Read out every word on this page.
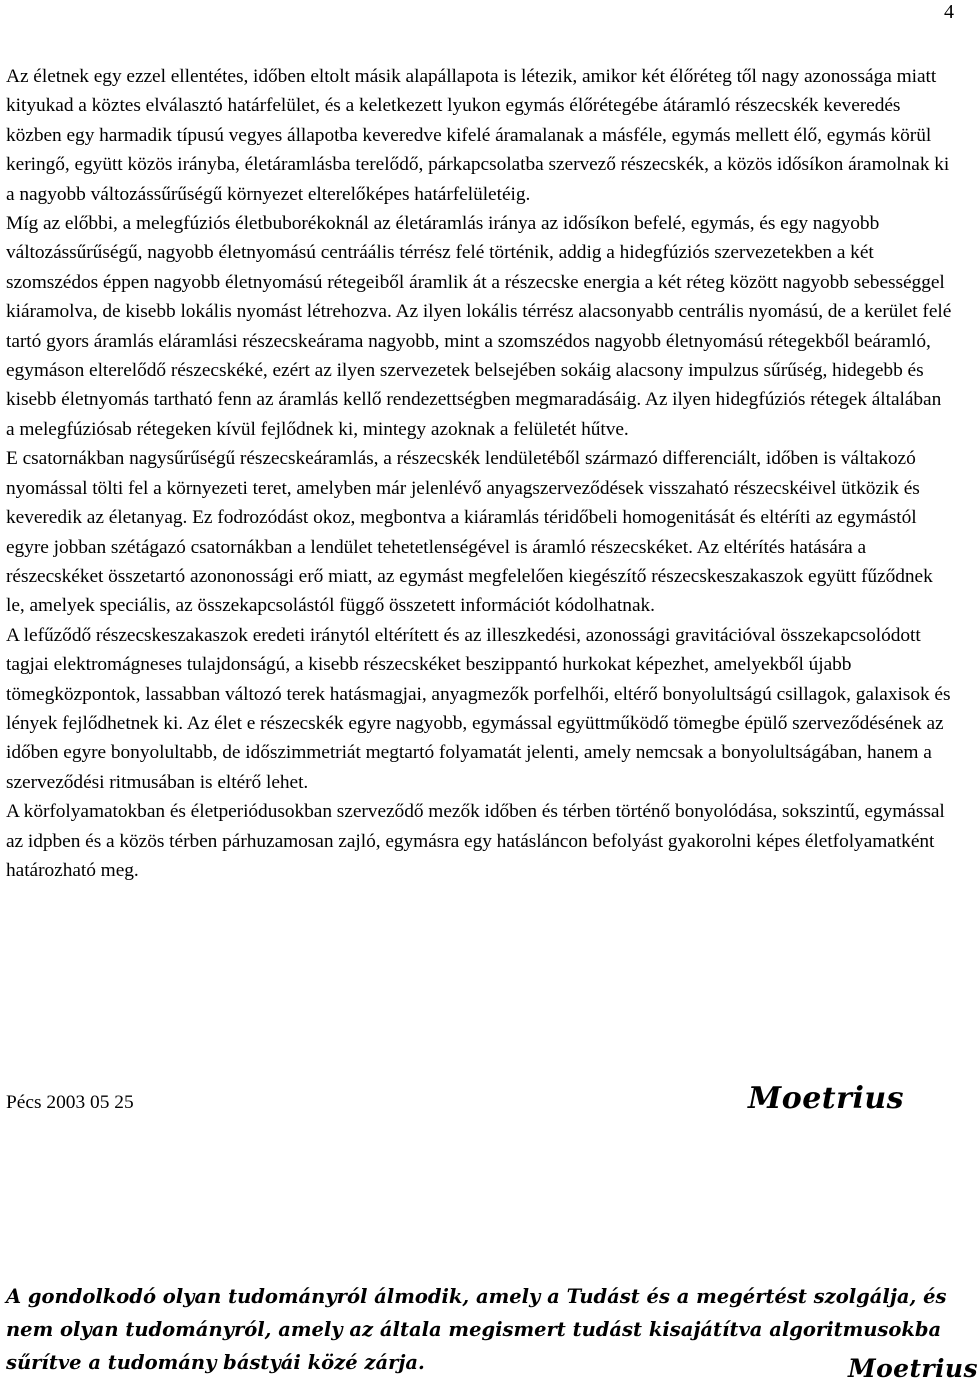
4

Az életnek egy ezzel ellentétes, időben eltolt másik alapállapota is létezik, amikor két élőréteg től nagy azonossága miatt kityukad a köztes elválasztó határfelület, és a keletkezett lyukon egymás élőrétegébe átáramló részecskék keveredés közben egy harmadik típusú vegyes állapotba keveredve kifelé áramalanak a másféle, egymás mellett élő, egymás körül keringő, együtt közös irányba, életáramlásba terelődő, párkapcsolatba szervező részecskék, a közös idősíkon áramolnak ki a nagyobb változássűrűségű környezet elterelőképes határfelületéig.

Míg az előbbi, a melegfúziós életbuborékoknál az életáramlás iránya az idősíkon befelé, egymás, és egy nagyobb változássűrűségű, nagyobb életnyomású centráális térrész felé történik, addig a hidegfúziós szervezetekben a két szomszédos éppen nagyobb életnyomású rétegeiből áramlik át a részecske energia a két réteg között nagyobb sebességgel kiáramolva, de kisebb lokális nyomást létrehozva. Az ilyen lokális térrész alacsonyabb centrális nyomású, de a kerület felé tartó gyors áramlás eláramlási részecskeárama nagyobb, mint a szomszédos nagyobb életnyomású rétegekből beáramló, egymáson elterelődő részecskéké, ezért az ilyen szervezetek belsejében sokáig alacsony impulzus sűrűség, hidegebb és kisebb életnyomás tartható fenn az áramlás kellő rendezettségben megmaradásáig. Az ilyen hidegfúziós rétegek általában a melegfúziósab rétegeken kívül fejlődnek ki, mintegy azoknak a felületét hűtve.

E csatornákban nagysűrűségű részecskeáramlás, a részecskék lendületéből származó differenciált, időben is váltakozó nyomással tölti fel a környezeti teret, amelyben már jelenlévő anyagszerveződések visszaható részecskéivel ütközik és keveredik az életanyag. Ez fodrozódást okoz, megbontva a kiáramlás téridőbeli homogenitását és eltéríti az egymástól egyre jobban szétágazó csatornákban a lendület tehetetlenségével is áramló részecskéket. Az eltérítés hatására a részecskéket összetartó azononossági erő miatt, az egymást megfelelően kiegészítő részecskeszakaszok együtt fűződnek le, amelyek speciális, az összekapcsolástól függő összetett információt kódolhatnak.

A lefűződő részecskeszakaszok eredeti iránytól eltérített és az illeszkedési, azonossági gravitációval összekapcsolódott tagjai elektromágneses tulajdonságú, a kisebb részecskéket beszippantó hurkokat képezhet, amelyekből újabb tömegközpontok, lassabban változó terek hatásmagjai, anyagmezők porfelhői, eltérő bonyolultságú csillagok, galaxisok és lények fejlődhetnek ki. Az élet e részecskék egyre nagyobb, egymással együttműködő tömegbe épülő szerveződésének az időben egyre bonyolultabb, de időszimmetriát megtartó folyamatát jelenti, amely nemcsak a bonyolultságában, hanem a szerveződési ritmusában is eltérő lehet.

A körfolyamatokban és életperiódusokban szerveződő mezők időben és térben történő bonyolódása, sokszintű, egymással az idpben és a közös térben párhuzamosan zajló, egymásra egy hatásláncon befolyást gyakorolni képes életfolyamatként határozható meg.

Pécs 2003 05 25	Moetrius

A gondolkodó olyan tudományról álmodik, amely a Tudást és a megértést szolgálja, és nem olyan tudományról, amely az általa megismert tudást kisajátítva algoritmusokba sűrítve a tudomány bástyái közé zárja.	Moetrius
